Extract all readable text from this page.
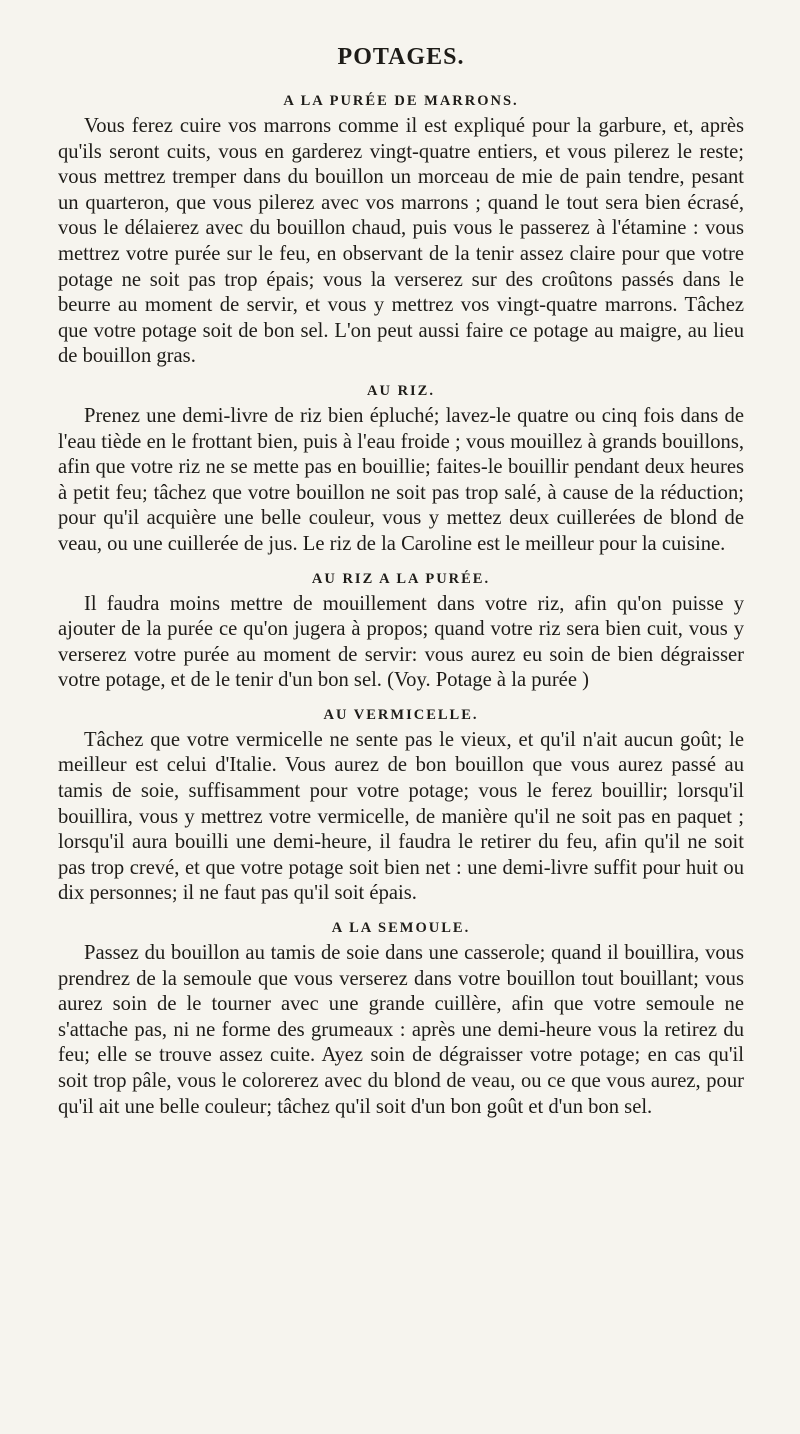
POTAGES.
A LA PURÉE DE MARRONS.

Vous ferez cuire vos marrons comme il est expliqué pour la garbure, et, après qu'ils seront cuits, vous en garderez vingt-quatre entiers, et vous pilerez le reste; vous mettrez tremper dans du bouillon un morceau de mie de pain tendre, pesant un quarteron, que vous pilerez avec vos marrons ; quand le tout sera bien écrasé, vous le délaierez avec du bouillon chaud, puis vous le passerez à l'étamine : vous mettrez votre purée sur le feu, en observant de la tenir assez claire pour que votre potage ne soit pas trop épais; vous la verserez sur des croûtons passés dans le beurre au moment de servir, et vous y mettrez vos vingt-quatre marrons. Tâchez que votre potage soit de bon sel. L'on peut aussi faire ce potage au maigre, au lieu de bouillon gras.

AU RIZ.

Prenez une demi-livre de riz bien épluché; lavez-le quatre ou cinq fois dans de l'eau tiède en le frottant bien, puis à l'eau froide ; vous mouillez à grands bouillons, afin que votre riz ne se mette pas en bouillie; faites-le bouillir pendant deux heures à petit feu; tâchez que votre bouillon ne soit pas trop salé, à cause de la réduction; pour qu'il acquière une belle couleur, vous y mettez deux cuillerées de blond de veau, ou une cuillerée de jus. Le riz de la Caroline est le meilleur pour la cuisine.

AU RIZ A LA PURÉE.

Il faudra moins mettre de mouillement dans votre riz, afin qu'on puisse y ajouter de la purée ce qu'on jugera à propos; quand votre riz sera bien cuit, vous y verserez votre purée au moment de servir: vous aurez eu soin de bien dégraisser votre potage, et de le tenir d'un bon sel. (Voy. Potage à la purée )

AU VERMICELLE.

Tâchez que votre vermicelle ne sente pas le vieux, et qu'il n'ait aucun goût; le meilleur est celui d'Italie. Vous aurez de bon bouillon que vous aurez passé au tamis de soie, suffisamment pour votre potage; vous le ferez bouillir; lorsqu'il bouillira, vous y mettrez votre vermicelle, de manière qu'il ne soit pas en paquet ; lorsqu'il aura bouilli une demi-heure, il faudra le retirer du feu, afin qu'il ne soit pas trop crevé, et que votre potage soit bien net : une demi-livre suffit pour huit ou dix personnes; il ne faut pas qu'il soit épais.

A LA SEMOULE.

Passez du bouillon au tamis de soie dans une casserole; quand il bouillira, vous prendrez de la semoule que vous verserez dans votre bouillon tout bouillant; vous aurez soin de le tourner avec une grande cuillère, afin que votre semoule ne s'attache pas, ni ne forme des grumeaux : après une demi-heure vous la retirez du feu; elle se trouve assez cuite. Ayez soin de dégraisser votre potage; en cas qu'il soit trop pâle, vous le colorerez avec du blond de veau, ou ce que vous aurez, pour qu'il ait une belle couleur; tâchez qu'il soit d'un bon goût et d'un bon sel.
